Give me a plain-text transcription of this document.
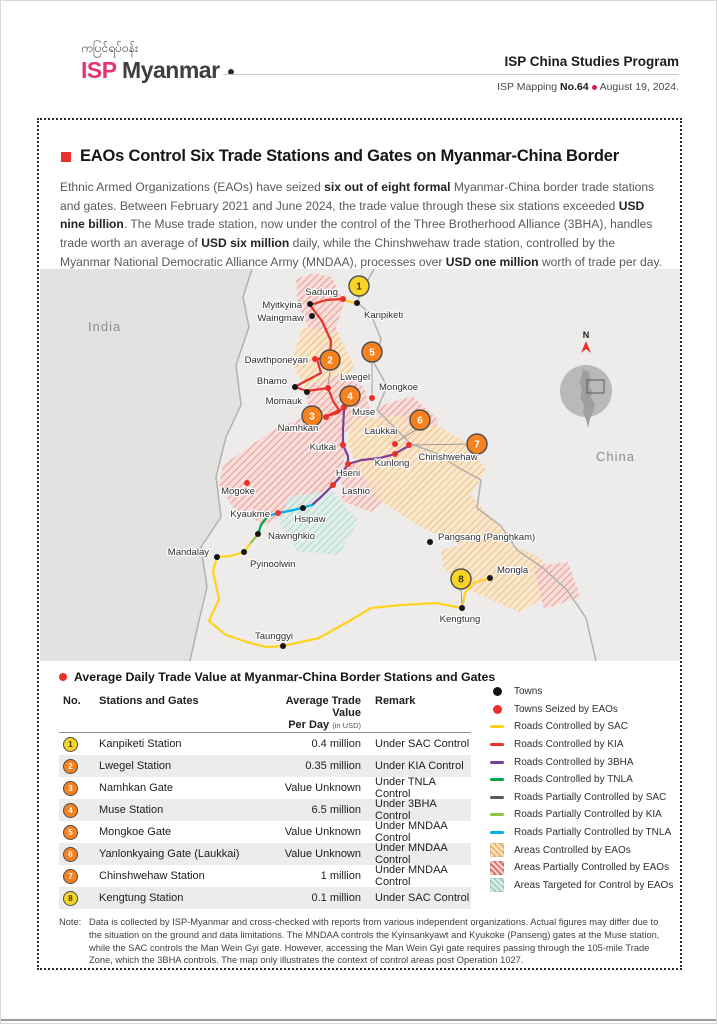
ကပြင်ရပ်ဝန်း
ISP Myanmar	ISP China Studies Program
ISP Mapping No.64 August 19, 2024.
EAOs Control Six Trade Stations and Gates on Myanmar-China Border
Ethnic Armed Organizations (EAOs) have seized six out of eight formal Myanmar-China border trade stations and gates. Between February 2021 and June 2024, the trade value through these six stations exceeded USD nine billion. The Muse trade station, now under the control of the Three Brotherhood Alliance (3BHA), handles trade worth an average of USD six million daily, while the Chinshwehaw trade station, controlled by the Myanmar National Democratic Alliance Army (MNDAA), processes over USD one million worth of trade per day.
1
2
3
4
5
6
7
8
Myitkyina
Sadung
Kanpiketi
Waingmaw
Dawthponeyan
Bhamo
Momauk
Lwegel
Mongkoe
Muse
Namhkan	Laukkai
Kutkai
Hseni
Kunlong
Chinshwehaw
Mogoke	Lashio
Kyaukme	Hsipaw
Nawnghkio
Mandalay
Pyinoolwin
Pangsang (Panghkam)
Mongla
Kengtung
Taunggyi
India
China
N
Average Daily Trade Value at Myanmar-China Border Stations and Gates
No.	Stations and Gates	Average Trade Value
Per Day (in USD)
Remark
1	Kanpiketi Station	0.4 million	Under SAC Control
2	Lwegel Station	0.35 million	Under KIA Control
3	Namhkan Gate	Value Unknown	Under TNLA Control
4	Muse Station	6.5 million	Under 3BHA Control
5	Mongkoe Gate	Value Unknown	Under MNDAA Control
6	Yanlonkyaing Gate (Laukkai)	Value Unknown	Under MNDAA Control
7	Chinshwehaw Station	1 million	Under MNDAA Control
8	Kengtung Station	0.1 million	Under SAC Control
Towns
Towns Seized by EAOs
Roads Controlled by SAC
Roads Controlled by KIA
Roads Controlled by 3BHA
Roads Controlled by TNLA
Roads Partially Controlled by SAC
Roads Partially Controlled by KIA
Roads Partially Controlled by TNLA
Areas Controlled by EAOs
Areas Partially Controlled by EAOs
Areas Targeted for Control by EAOs
Note: Data is collected by ISP-Myanmar and cross-checked with reports from various independent organizations. Actual figures may differ due to the situation on the ground and data limitations. The MNDAA controls the Kyinsankyawt and Kyukoke (Panseng) gates at the Muse station, while the SAC controls the Man Wein Gyi gate. However, accessing the Man Wein Gyi gate requires passing through the 105-mile Trade Zone, which the 3BHA controls. The map only illustrates the context of control areas post Operation 1027.
